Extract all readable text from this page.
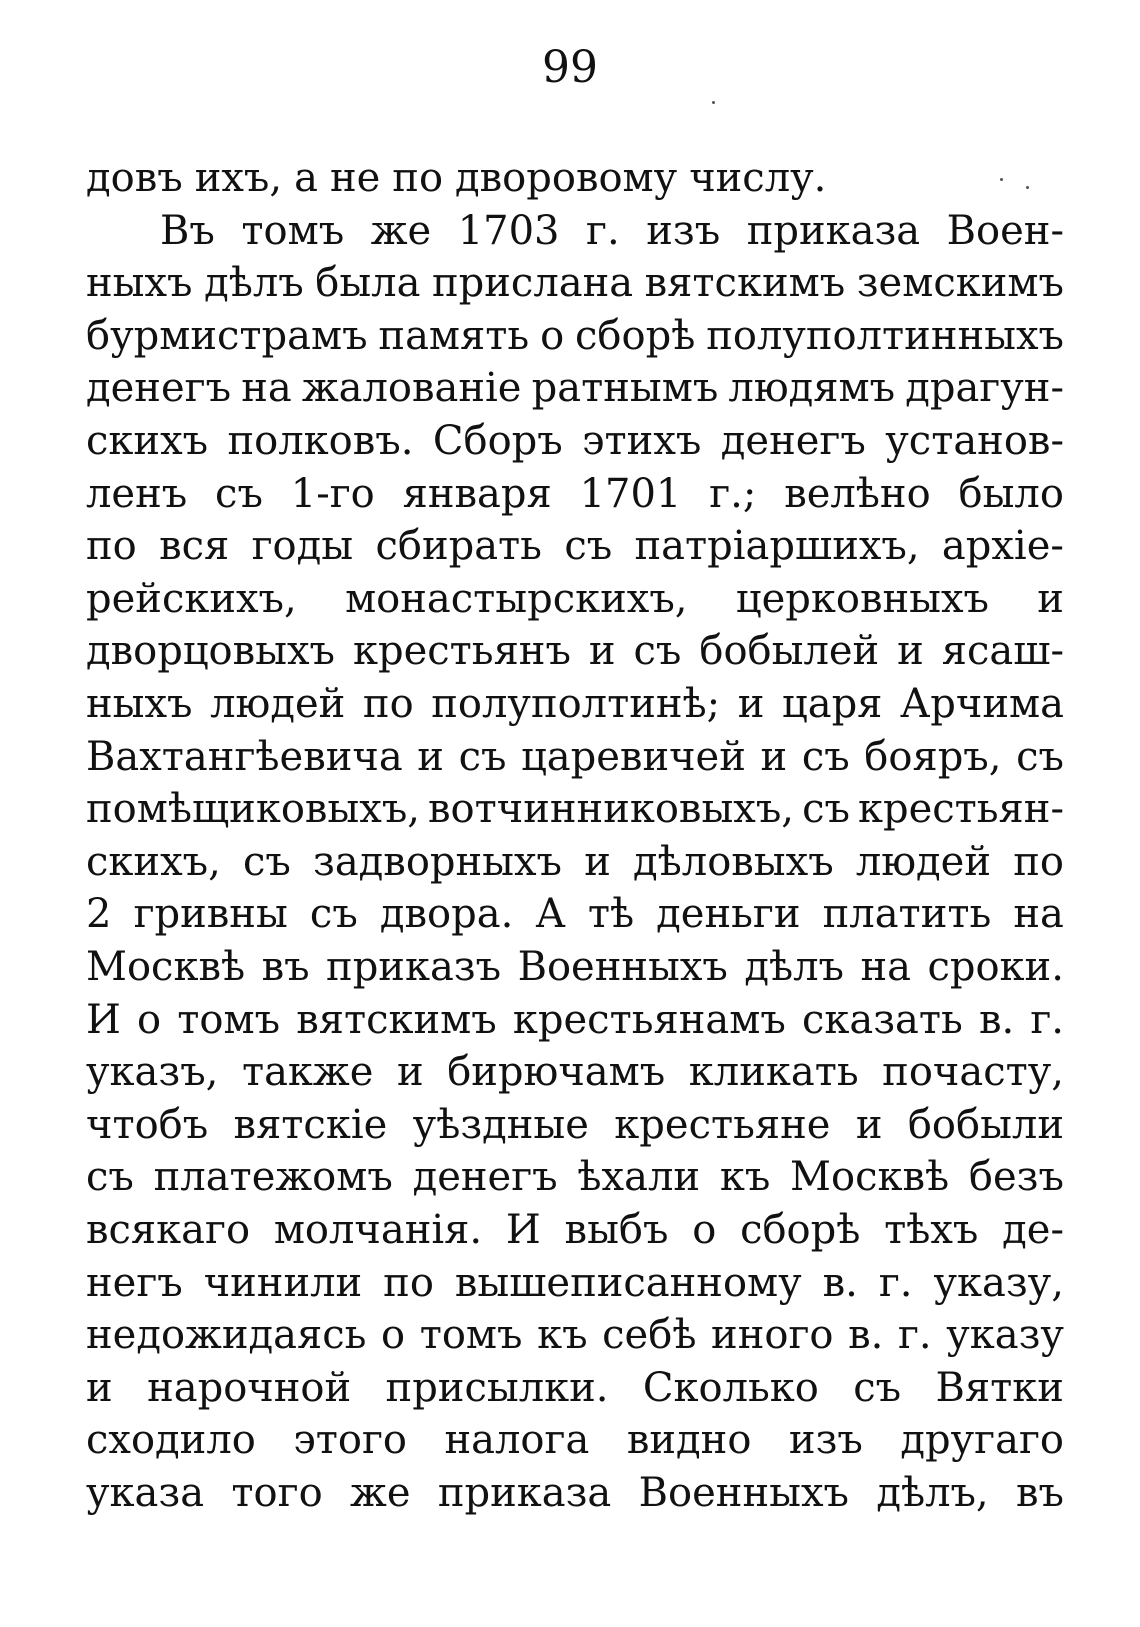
99
довъ ихъ, а не по дворовому числу.
Въ томъ же 1703 г. изъ приказа Воен-
ныхъ дѣлъ была прислана вятскимъ земскимъ
бурмистрамъ память о сборѣ полуполтинныхъ
денегъ на жалованіе ратнымъ людямъ драгун-
скихъ полковъ. Сборъ этихъ денегъ установ-
ленъ съ 1-го января 1701 г.; велѣно было
по вся годы сбирать съ патріаршихъ, архіе-
рейскихъ, монастырскихъ, церковныхъ и
дворцовыхъ крестьянъ и съ бобылей и ясаш-
ныхъ людей по полуполтинѣ; и царя Арчима
Вахтангѣевича и съ царевичей и съ бояръ, съ
помѣщиковыхъ, вотчинниковыхъ, съ крестьян-
скихъ, съ задворныхъ и дѣловыхъ людей по
2 гривны съ двора. А тѣ деньги платить на
Москвѣ въ приказъ Военныхъ дѣлъ на сроки.
И о томъ вятскимъ крестьянамъ сказать в. г.
указъ, также и бирючамъ кликать почасту,
чтобъ вятскіе уѣздные крестьяне и бобыли
съ платежомъ денегъ ѣхали къ Москвѣ безъ
всякаго молчанія. И выбъ о сборѣ тѣхъ де-
негъ чинили по вышеписанному в. г. указу,
недожидаясь о томъ къ себѣ иного в. г. указу
и нарочной присылки. Сколько съ Вятки
сходило этого налога видно изъ другаго
указа того же приказа Военныхъ дѣлъ, въ
